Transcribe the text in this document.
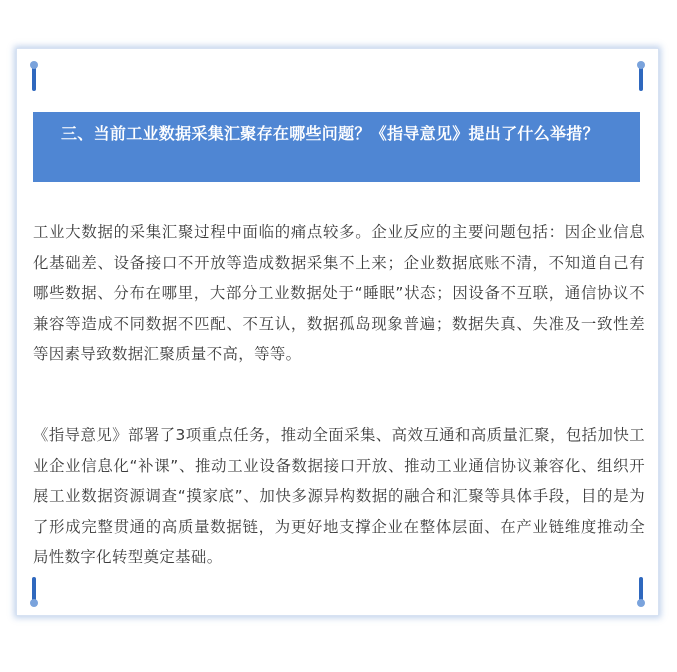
三、当前工业数据采集汇聚存在哪些问题？《指导意见》提出了什么举措？

工业大数据的采集汇聚过程中面临的痛点较多。企业反应的主要问题包括：因企业信息化基础差、设备接口不开放等造成数据采集不上来；企业数据底账不清，不知道自己有哪些数据、分布在哪里，大部分工业数据处于“睡眠”状态；因设备不互联，通信协议不兼容等造成不同数据不匹配、不互认，数据孤岛现象普遍；数据失真、失准及一致性差等因素导致数据汇聚质量不高，等等。

《指导意见》部署了3项重点任务，推动全面采集、高效互通和高质量汇聚，包括加快工业企业信息化“补课”、推动工业设备数据接口开放、推动工业通信协议兼容化、组织开展工业数据资源调查“摸家底”、加快多源异构数据的融合和汇聚等具体手段，目的是为了形成完整贯通的高质量数据链，为更好地支撑企业在整体层面、在产业链维度推动全局性数字化转型奠定基础。
